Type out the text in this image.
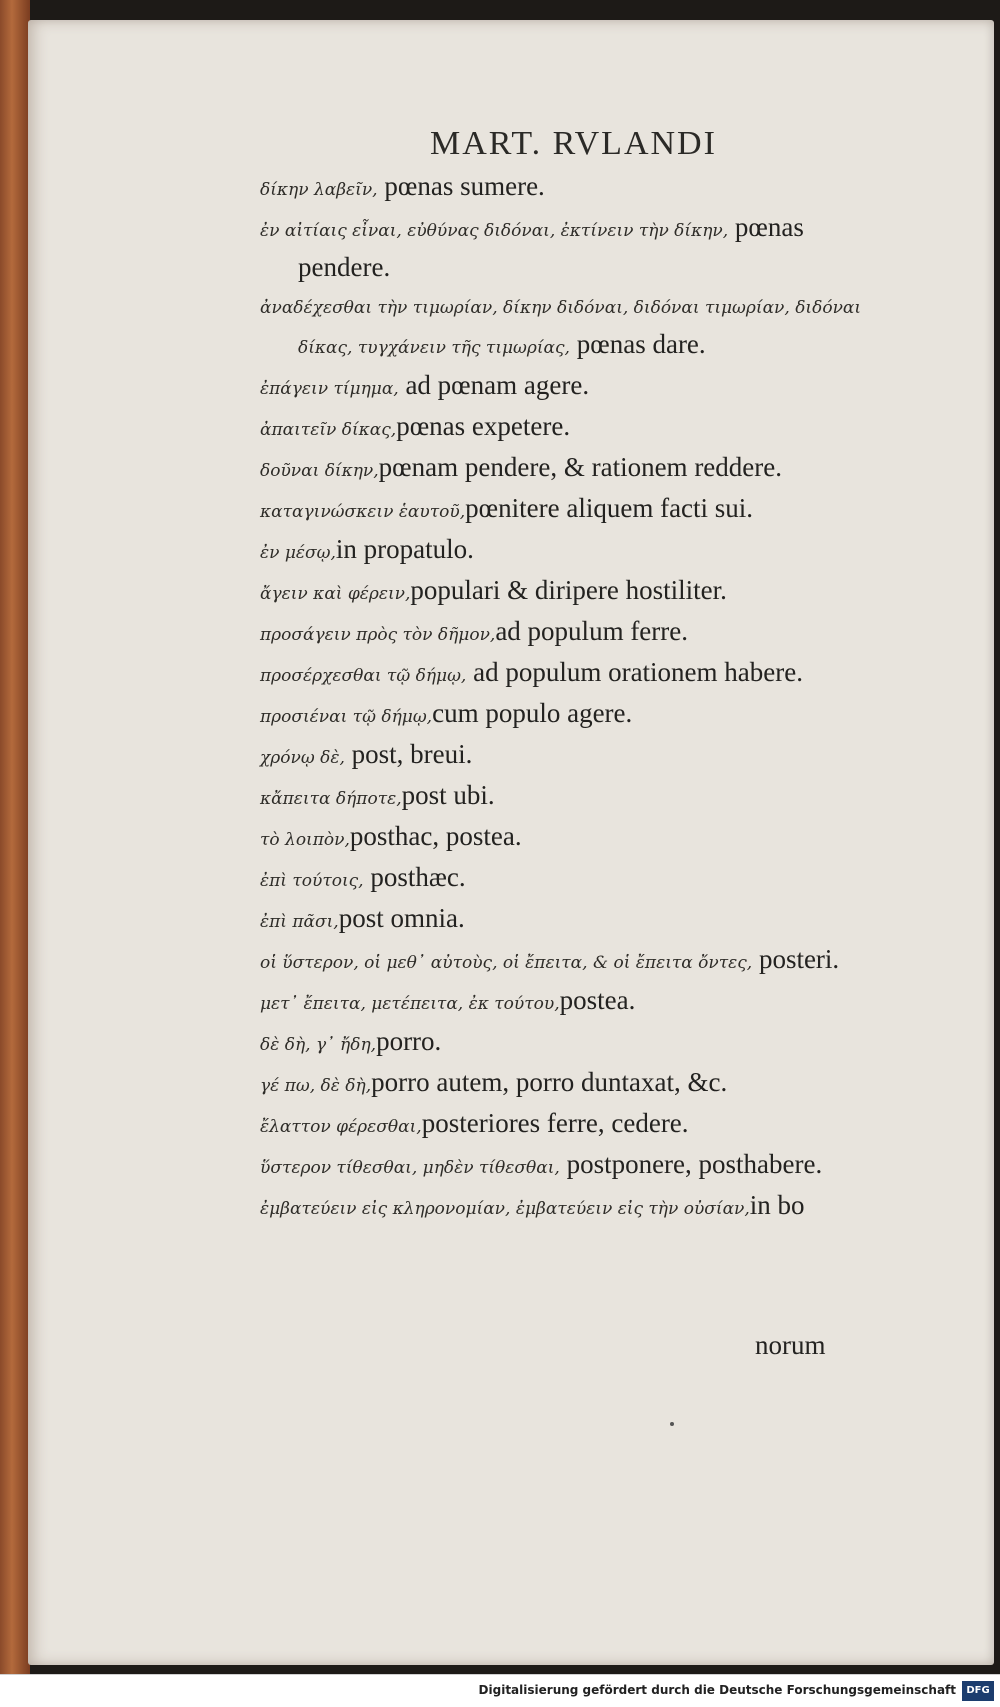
MART. RVLANDI
δίκην λαβεῖν, pœnas sumere.
ἐν αἰτίαις εἶναι, εὐθύνας διδόναι, ἐκτίνειν τὴν δίκην, pœnas pendere.
ἀναδέχεσθαι τὴν τιμωρίαν, δίκην διδόναι, διδόναι τιμωρίαν, διδόναι δίκας, τυγχάνειν τῆς τιμωρίας, pœnas dare.
ἐπάγειν τίμημα, ad pœnam agere.
ἀπαιτεῖν δίκας,pœnas expetere.
δοῦναι δίκην,pœnam pendere, & rationem reddere.
καταγινώσκειν ἑαυτοῦ,pœnitere aliquem facti sui.
ἐν μέσῳ,in propatulo.
ἄγειν καὶ φέρειν,populari & diripere hostiliter.
προσάγειν πρὸς τὸν δῆμον,ad populum ferre.
προσέρχεσθαι τῷ δήμῳ, ad populum orationem habere.
προσιέναι τῷ δήμῳ,cum populo agere.
χρόνῳ δὲ, post, breui.
κἄπειτα δήποτε,post ubi.
τὸ λοιπὸν,posthac, postea.
ἐπὶ τούτοις, posthæc.
ἐπὶ πᾶσι,post omnia.
οἱ ὕστερον, οἱ μεθ᾽ αὐτοὺς, οἱ ἔπειτα, & οἱ ἔπειτα ὄντες, posteri.
μετ᾽ ἔπειτα, μετέπειτα, ἐκ τούτου,postea.
δὲ δὴ, γ᾽ ἤδη,porro.
γέ πω, δὲ δὴ,porro autem, porro duntaxat, &c.
ἔλαττον φέρεσθαι,posteriores ferre, cedere.
ὕστερον τίθεσθαι, μηδὲν τίθεσθαι, postponere, posthabere.
ἐμβατεύειν εἰς κληρονομίαν, ἐμβατεύειν εἰς τὴν οὐσίαν,in bo
norum
Digitalisierung gefördert durch die Deutsche Forschungsgemeinschaft	DFG
